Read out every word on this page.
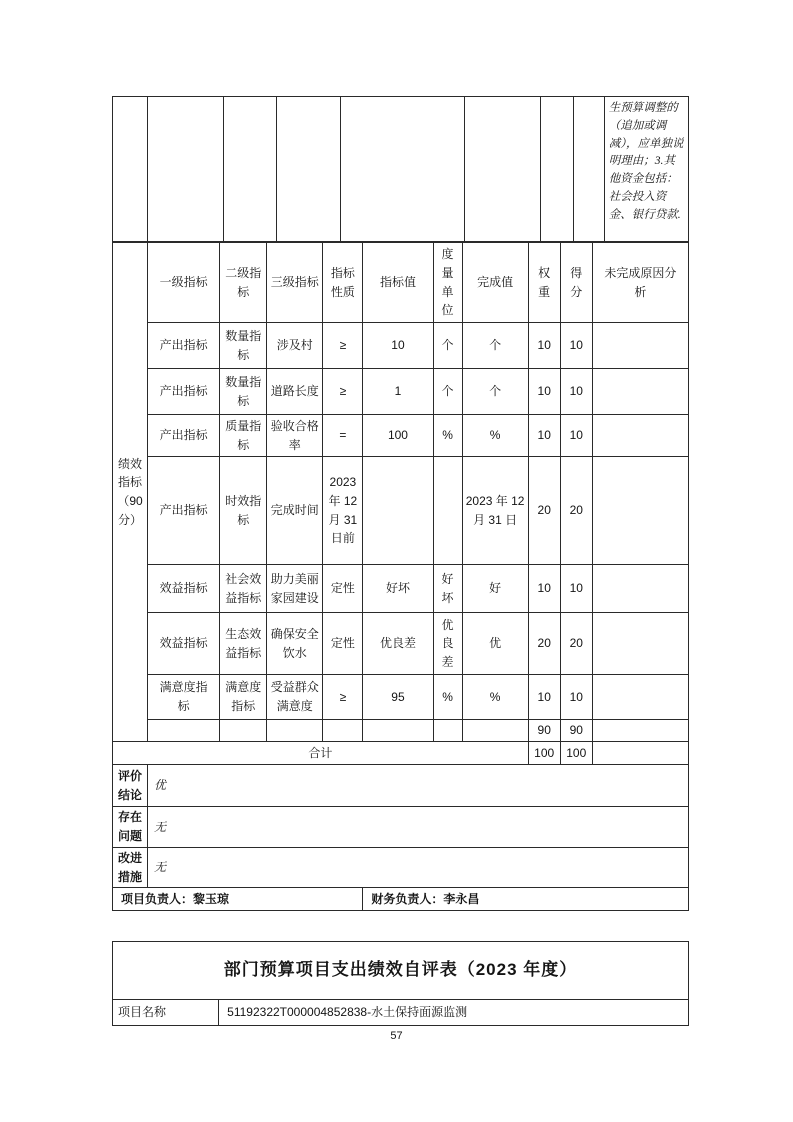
								生预算调整的（追加或调减），应单独说明理由；3.其他资金包括：社会投入资金、银行贷款.
绩效指标（90分）	一级指标	二级指标	三级指标	指标性质	指标值	度量单位	完成值	权重	得分	未完成原因分析
	产出指标	数量指标	涉及村	≥	10	个	个	10	10	
	产出指标	数量指标	道路长度	≥	1	个	个	10	10	
	产出指标	质量指标	验收合格率	=	100	%	%	10	10	
	产出指标	时效指标	完成时间	2023 年 12 月 31 日前			2023 年 12 月 31 日	20	20	
	效益指标	社会效益指标	助力美丽家园建设	定性	好坏	好坏	好	10	10	
	效益指标	生态效益指标	确保安全饮水	定性	优良差	优良差	优	20	20	
	满意度指标	满意度指标	受益群众满意度	≥	95	%	%	10	10	
								90	90	
合计								100	100	
评价结论	优									
存在问题	无									
改进措施	无									
项目负责人：黎玉琼					财务负责人：李永昌					
部门预算项目支出绩效自评表（2023 年度）
项目名称	51192322T000004852838-水土保持面源监测
57
